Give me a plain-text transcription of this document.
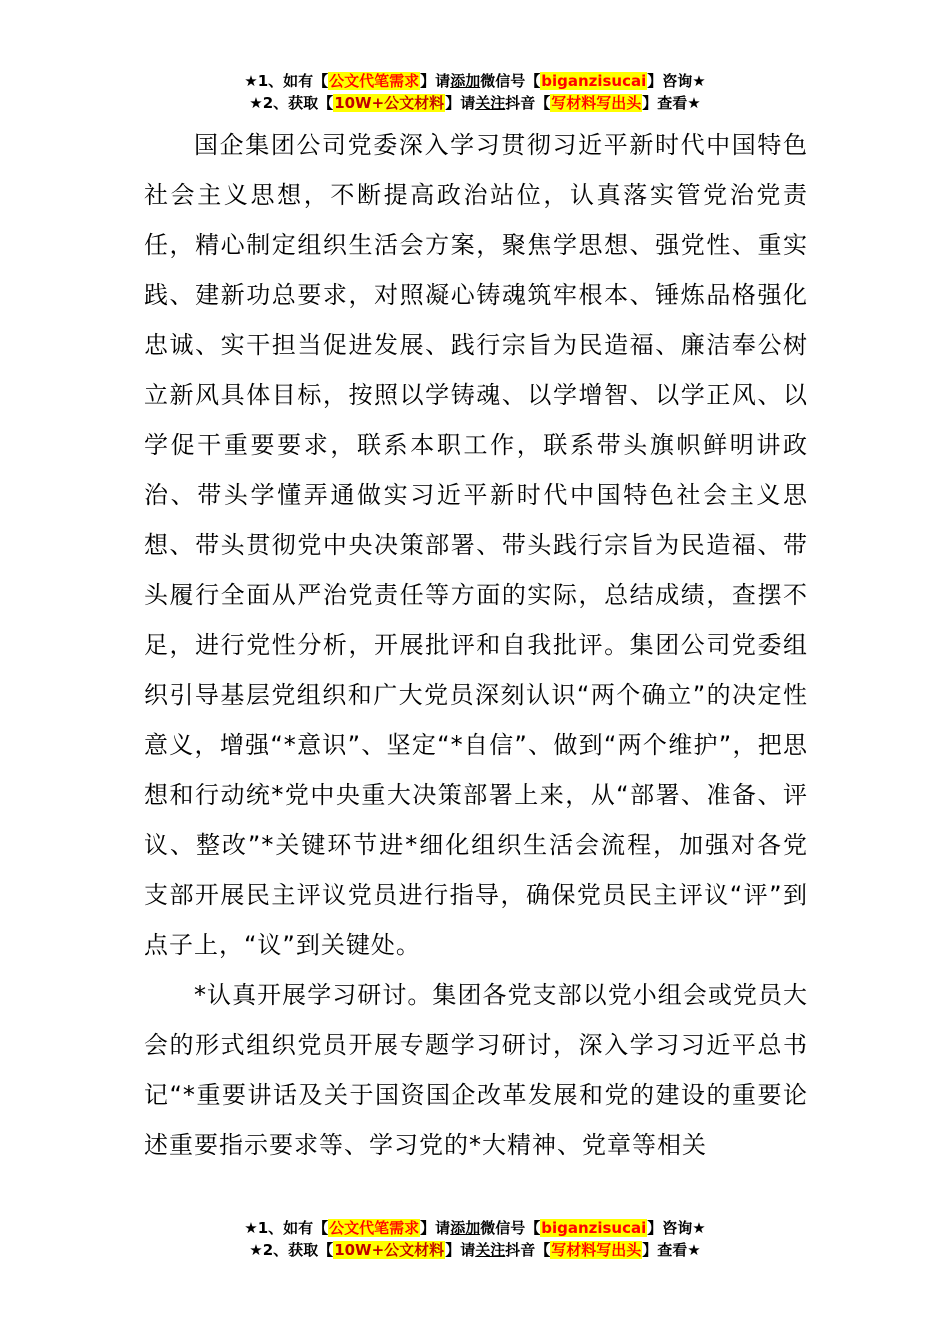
★1、如有【公文代笔需求】请添加微信号【biganzisucai】咨询★
★2、获取【10W+公文材料】请关注抖音【写材料写出头】查看★

国企集团公司党委深入学习贯彻习近平新时代中国特色社会主义思想，不断提高政治站位，认真落实管党治党责任，精心制定组织生活会方案，聚焦学思想、强党性、重实践、建新功总要求，对照凝心铸魂筑牢根本、锤炼品格强化忠诚、实干担当促进发展、践行宗旨为民造福、廉洁奉公树立新风具体目标，按照以学铸魂、以学增智、以学正风、以学促干重要要求，联系本职工作，联系带头旗帜鲜明讲政治、带头学懂弄通做实习近平新时代中国特色社会主义思想、带头贯彻党中央决策部署、带头践行宗旨为民造福、带头履行全面从严治党责任等方面的实际，总结成绩，查摆不足，进行党性分析，开展批评和自我批评。集团公司党委组织引导基层党组织和广大党员深刻认识“两个确立”的决定性意义，增强“*意识”、坚定“*自信”、做到“两个维护”，把思想和行动统*党中央重大决策部署上来，从“部署、准备、评议、整改”*关键环节进*细化组织生活会流程，加强对各党支部开展民主评议党员进行指导，确保党员民主评议“评”到点子上，“议”到关键处。

*认真开展学习研讨。集团各党支部以党小组会或党员大会的形式组织党员开展专题学习研讨，深入学习习近平总书记“*重要讲话及关于国资国企改革发展和党的建设的重要论述重要指示要求等、学习党的*大精神、党章等相关

★1、如有【公文代笔需求】请添加微信号【biganzisucai】咨询★
★2、获取【10W+公文材料】请关注抖音【写材料写出头】查看★
